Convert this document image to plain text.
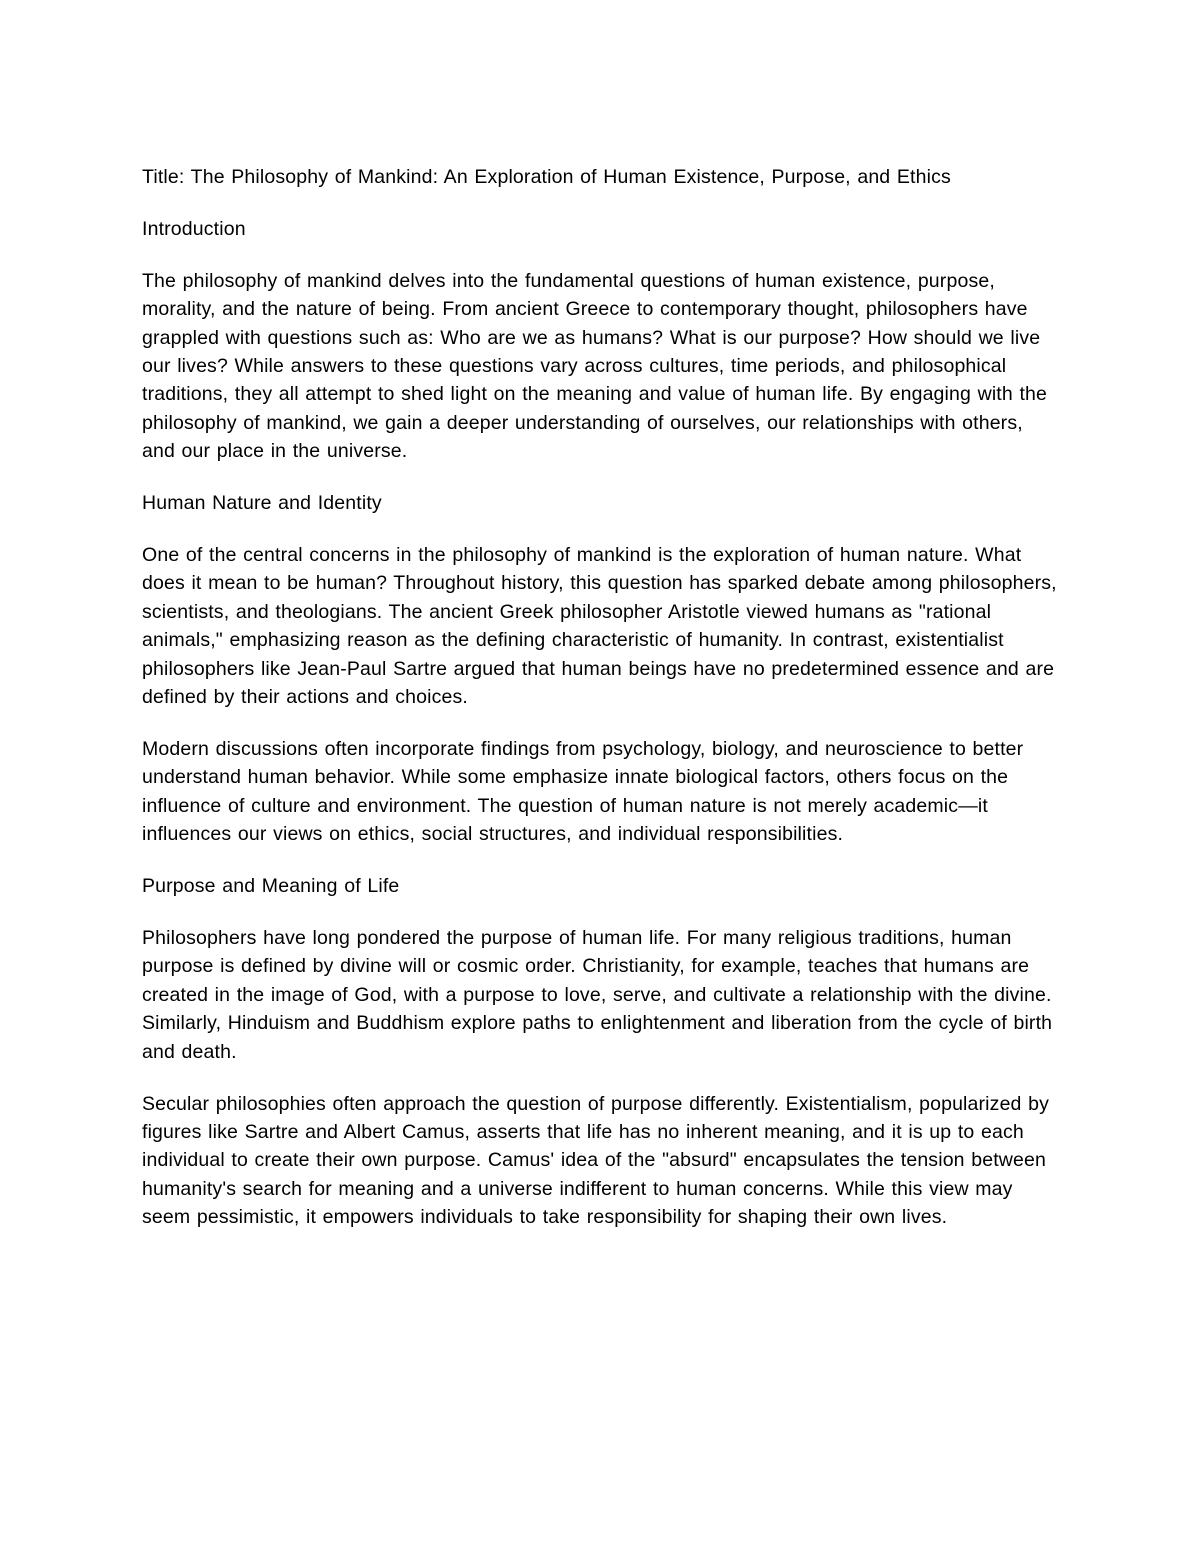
Title: The Philosophy of Mankind: An Exploration of Human Existence, Purpose, and Ethics

Introduction

The philosophy of mankind delves into the fundamental questions of human existence, purpose, morality, and the nature of being. From ancient Greece to contemporary thought, philosophers have grappled with questions such as: Who are we as humans? What is our purpose? How should we live our lives? While answers to these questions vary across cultures, time periods, and philosophical traditions, they all attempt to shed light on the meaning and value of human life. By engaging with the philosophy of mankind, we gain a deeper understanding of ourselves, our relationships with others, and our place in the universe.

Human Nature and Identity

One of the central concerns in the philosophy of mankind is the exploration of human nature. What does it mean to be human? Throughout history, this question has sparked debate among philosophers, scientists, and theologians. The ancient Greek philosopher Aristotle viewed humans as "rational animals," emphasizing reason as the defining characteristic of humanity. In contrast, existentialist philosophers like Jean-Paul Sartre argued that human beings have no predetermined essence and are defined by their actions and choices.

Modern discussions often incorporate findings from psychology, biology, and neuroscience to better understand human behavior. While some emphasize innate biological factors, others focus on the influence of culture and environment. The question of human nature is not merely academic—it influences our views on ethics, social structures, and individual responsibilities.

Purpose and Meaning of Life

Philosophers have long pondered the purpose of human life. For many religious traditions, human purpose is defined by divine will or cosmic order. Christianity, for example, teaches that humans are created in the image of God, with a purpose to love, serve, and cultivate a relationship with the divine. Similarly, Hinduism and Buddhism explore paths to enlightenment and liberation from the cycle of birth and death.

Secular philosophies often approach the question of purpose differently. Existentialism, popularized by figures like Sartre and Albert Camus, asserts that life has no inherent meaning, and it is up to each individual to create their own purpose. Camus' idea of the "absurd" encapsulates the tension between humanity's search for meaning and a universe indifferent to human concerns. While this view may seem pessimistic, it empowers individuals to take responsibility for shaping their own lives.
